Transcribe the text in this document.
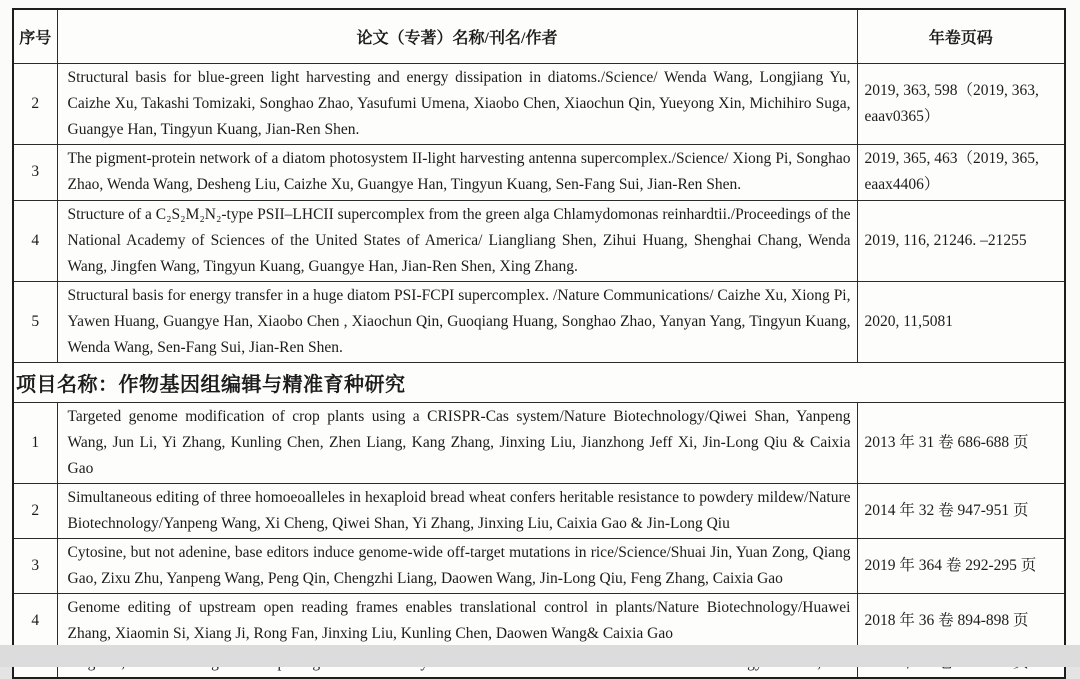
序号	论文（专著）名称/刊名/作者	年卷页码
2	Structural basis for blue-green light harvesting and energy dissipation in diatoms./Science/ Wenda Wang, Longjiang Yu, Caizhe Xu, Takashi Tomizaki, Songhao Zhao, Yasufumi Umena, Xiaobo Chen, Xiaochun Qin, Yueyong Xin, Michihiro Suga, Guangye Han, Tingyun Kuang, Jian-Ren Shen.	2019, 363, 598（2019, 363, eaav0365）
3	The pigment-protein network of a diatom photosystem II-light harvesting antenna supercomplex./Science/ Xiong Pi, Songhao Zhao, Wenda Wang, Desheng Liu, Caizhe Xu, Guangye Han, Tingyun Kuang, Sen-Fang Sui, Jian-Ren Shen.	2019, 365, 463（2019, 365, eaax4406）
4	Structure of a C₂S₂M₂N₂-type PSII–LHCII supercomplex from the green alga Chlamydomonas reinhardtii./Proceedings of the National Academy of Sciences of the United States of America/ Liangliang Shen, Zihui Huang, Shenghai Chang, Wenda Wang, Jingfen Wang, Tingyun Kuang, Guangye Han, Jian-Ren Shen, Xing Zhang.	2019, 116, 21246. –21255
5	Structural basis for energy transfer in a huge diatom PSI-FCPI supercomplex. /Nature Communications/ Caizhe Xu, Xiong Pi, Yawen Huang, Guangye Han, Xiaobo Chen , Xiaochun Qin, Guoqiang Huang, Songhao Zhao, Yanyan Yang, Tingyun Kuang, Wenda Wang, Sen-Fang Sui, Jian-Ren Shen.	2020, 11,5081
项目名称：作物基因组编辑与精准育种研究		
1	Targeted genome modification of crop plants using a CRISPR-Cas system/Nature Biotechnology/Qiwei Shan, Yanpeng Wang, Jun Li, Yi Zhang, Kunling Chen, Zhen Liang, Kang Zhang, Jinxing Liu, Jianzhong Jeff Xi, Jin-Long Qiu & Caixia Gao	2013 年 31 卷 686-688 页
2	Simultaneous editing of three homoeoalleles in hexaploid bread wheat confers heritable resistance to powdery mildew/Nature Biotechnology/Yanpeng Wang, Xi Cheng, Qiwei Shan, Yi Zhang, Jinxing Liu, Caixia Gao & Jin-Long Qiu	2014 年 32 卷 947-951 页
3	Cytosine, but not adenine, base editors induce genome-wide off-target mutations in rice/Science/Shuai Jin, Yuan Zong, Qiang Gao, Zixu Zhu, Yanpeng Wang, Peng Qin, Chengzhi Liang, Daowen Wang, Jin-Long Qiu, Feng Zhang, Caixia Gao	2019 年 364 卷 292-295 页
4	Genome editing of upstream open reading frames enables translational control in plants/Nature Biotechnology/Huawei Zhang, Xiaomin Si, Xiang Ji, Rong Fan, Jinxing Liu, Kunling Chen, Daowen Wang& Caixia Gao	2018 年 36 卷 894-898 页
